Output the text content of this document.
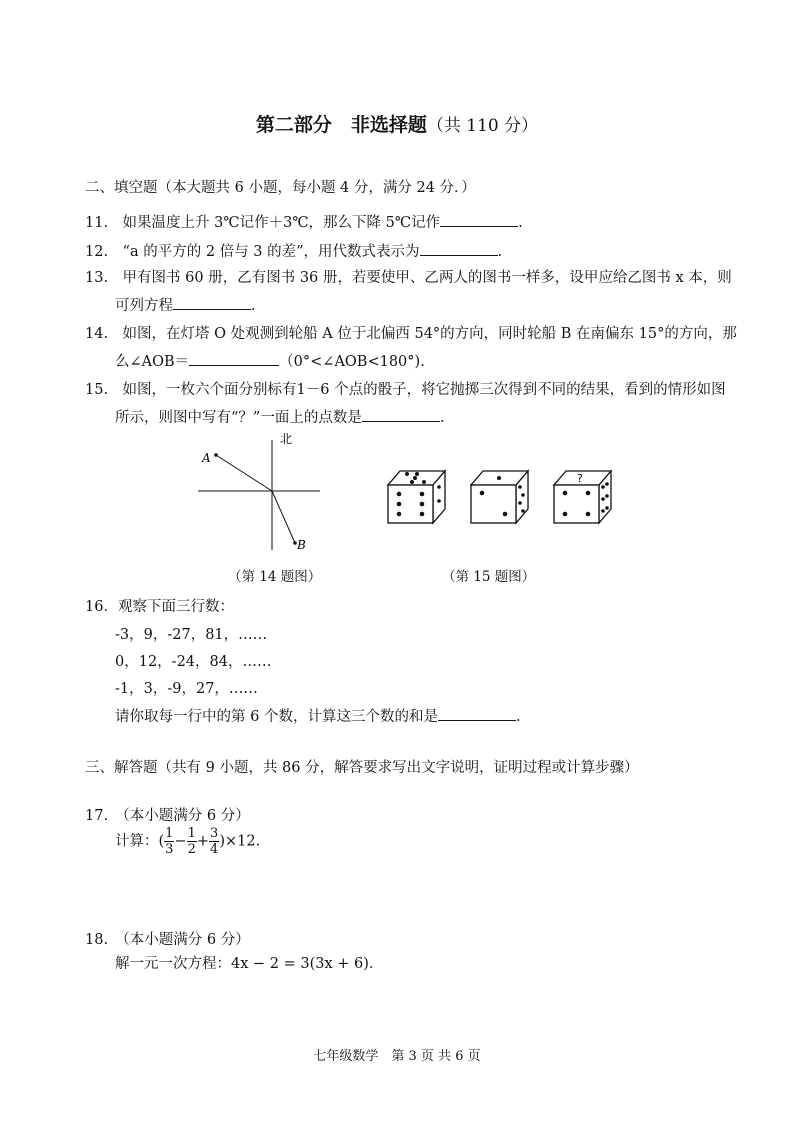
第二部分　非选择题（共 110 分）
二、填空题（本大题共 6 小题，每小题 4 分，满分 24 分．）
11.　如果温度上升 3℃记作＋3℃，那么下降 5℃记作	.
12.　“a 的平方的 2 倍与 3 的差”，用代数式表示为	.
13.　甲有图书 60 册，乙有图书 36 册，若要使甲、乙两人的图书一样多，设甲应给乙图书 x 本，则
可列方程	.
14.　如图，在灯塔 O 处观测到轮船 A 位于北偏西 54°的方向，同时轮船 B 在南偏东 15°的方向，那
么∠AOB＝	（0°<∠AOB<180°).
15.　如图，一枚六个面分别标有1－6 个点的骰子，将它抛掷三次得到不同的结果，看到的情形如图
所示，则图中写有“？”一面上的点数是	.
北
A
B
（第 14 题图）
?
（第 15 题图）
16．观察下面三行数：
-3，9，-27，81，……
0，12，-24，84，……
-1，3，-9，27，……
请你取每一行中的第 6 个数，计算这三个数的和是	.
三、解答题（共有 9 小题，共 86 分，解答要求写出文字说明，证明过程或计算步骤）
17.　（本小题满分 6 分）
计算：( $\frac{1}{3} - \frac{1}{2} + \frac{3}{4} )\times 12$．
18.　（本小题满分 6 分）
解一元一次方程：4x − 2 = 3(3x + 6)．
七年级数学　第 3 页 共 6 页
